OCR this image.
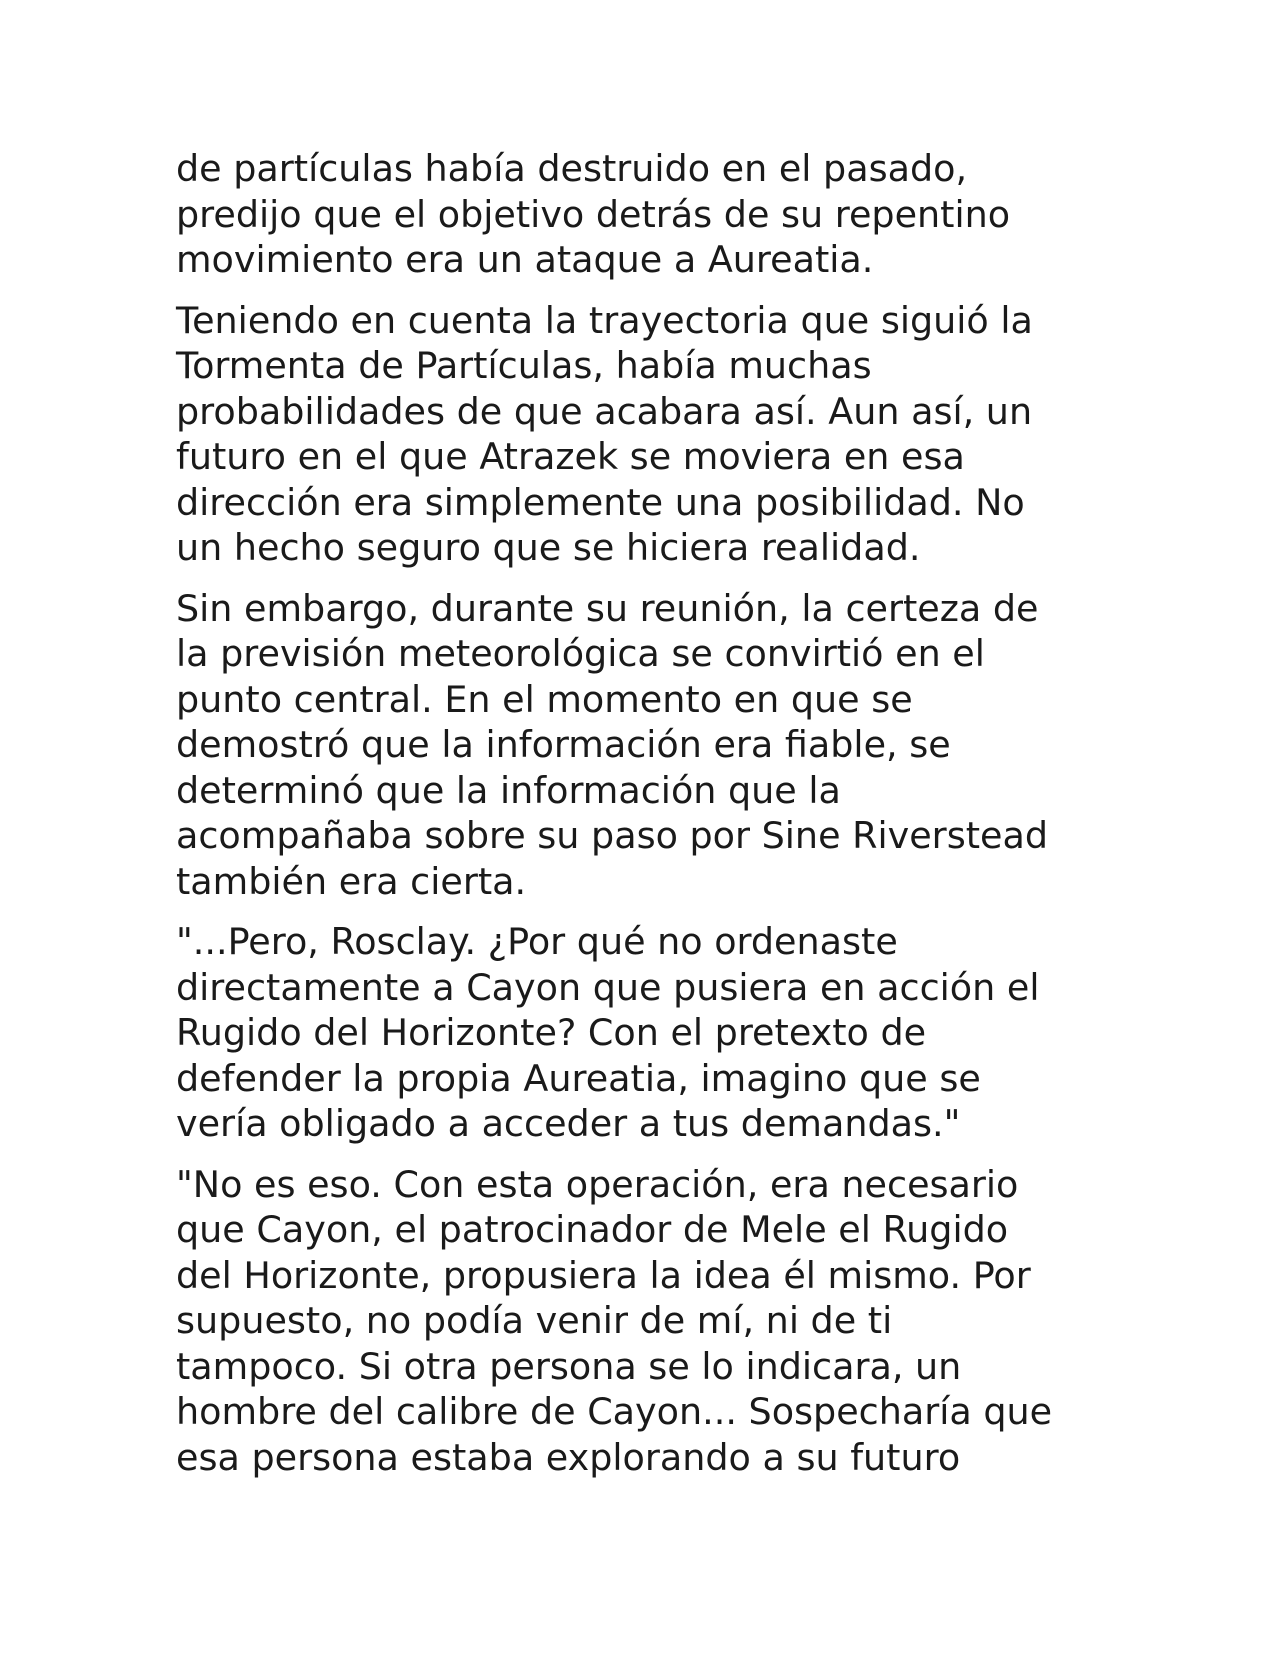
de partículas había destruido en el pasado,
predijo que el objetivo detrás de su repentino
movimiento era un ataque a Aureatia.

Teniendo en cuenta la trayectoria que siguió la
Tormenta de Partículas, había muchas
probabilidades de que acabara así. Aun así, un
futuro en el que Atrazek se moviera en esa
dirección era simplemente una posibilidad. No
un hecho seguro que se hiciera realidad.

Sin embargo, durante su reunión, la certeza de
la previsión meteorológica se convirtió en el
punto central. En el momento en que se
demostró que la información era fiable, se
determinó que la información que la
acompañaba sobre su paso por Sine Riverstead
también era cierta.

"...Pero, Rosclay. ¿Por qué no ordenaste
directamente a Cayon que pusiera en acción el
Rugido del Horizonte? Con el pretexto de
defender la propia Aureatia, imagino que se
vería obligado a acceder a tus demandas."

"No es eso. Con esta operación, era necesario
que Cayon, el patrocinador de Mele el Rugido
del Horizonte, propusiera la idea él mismo. Por
supuesto, no podía venir de mí, ni de ti
tampoco. Si otra persona se lo indicara, un
hombre del calibre de Cayon... Sospecharía que
esa persona estaba explorando a su futuro
